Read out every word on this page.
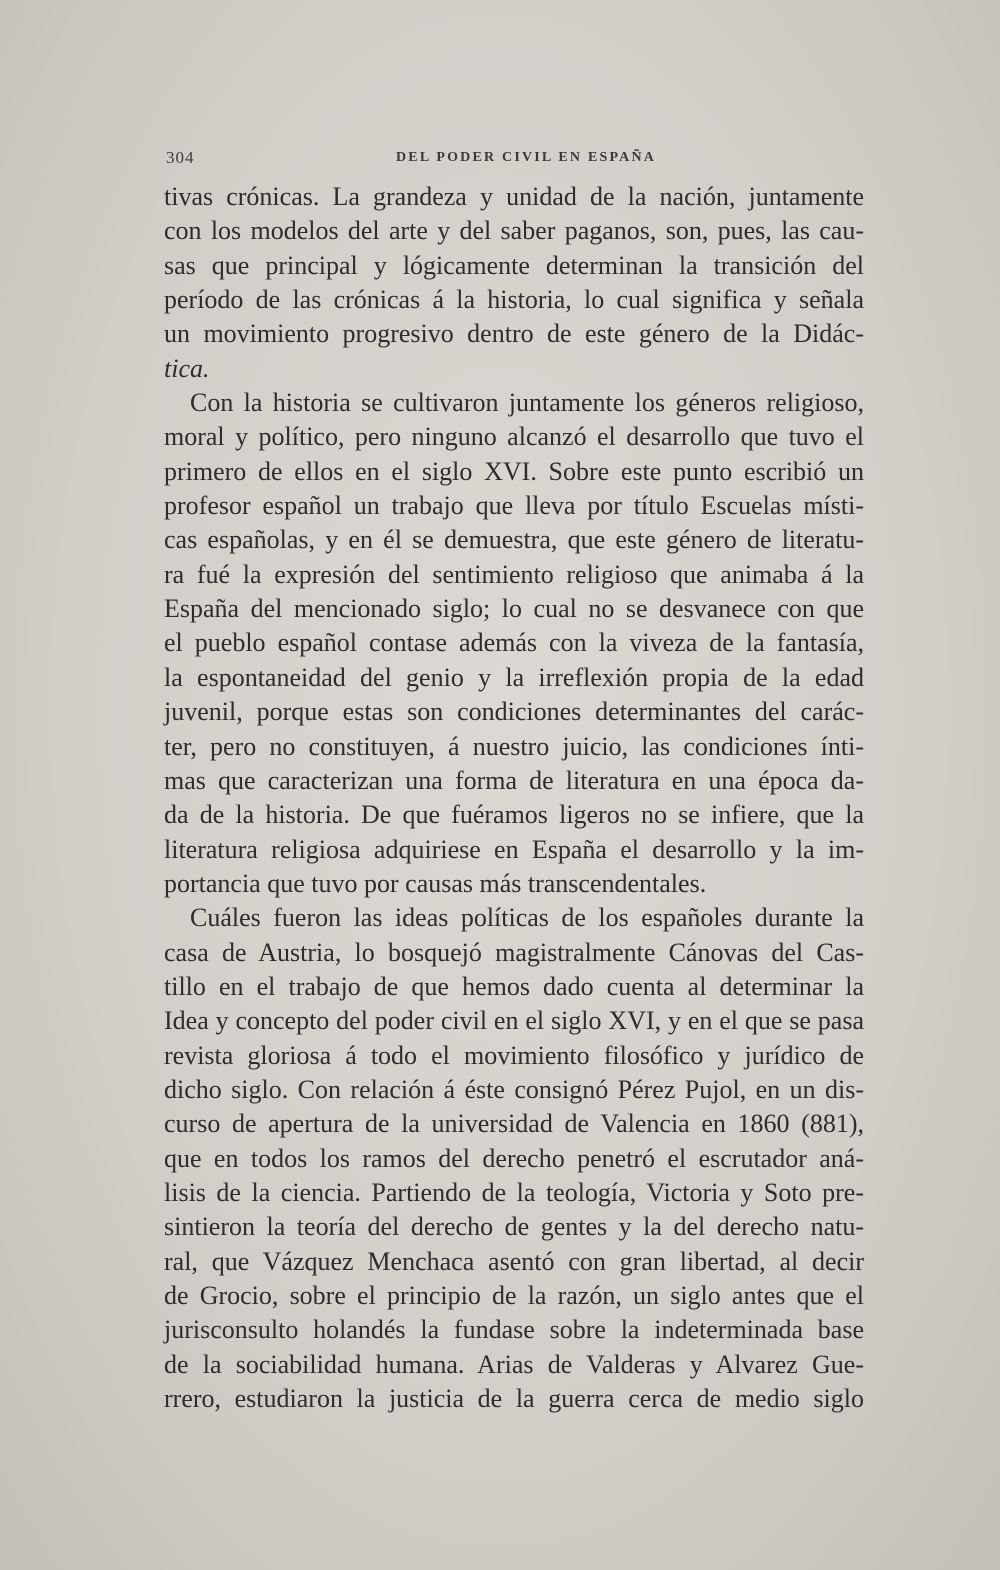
304	DEL PODER CIVIL EN ESPAÑA
tivas crónicas. La grandeza y unidad de la nación, juntamente
con los modelos del arte y del saber paganos, son, pues, las cau-
sas que principal y lógicamente determinan la transición del
período de las crónicas á la historia, lo cual significa y señala
un movimiento progresivo dentro de este género de la Didác-
tica.
Con la historia se cultivaron juntamente los géneros religioso,
moral y político, pero ninguno alcanzó el desarrollo que tuvo el
primero de ellos en el siglo XVI. Sobre este punto escribió un
profesor español un trabajo que lleva por título Escuelas místi-
cas españolas, y en él se demuestra, que este género de literatu-
ra fué la expresión del sentimiento religioso que animaba á la
España del mencionado siglo; lo cual no se desvanece con que
el pueblo español contase además con la viveza de la fantasía,
la espontaneidad del genio y la irreflexión propia de la edad
juvenil, porque estas son condiciones determinantes del carác-
ter, pero no constituyen, á nuestro juicio, las condiciones ínti-
mas que caracterizan una forma de literatura en una época da-
da de la historia. De que fuéramos ligeros no se infiere, que la
literatura religiosa adquiriese en España el desarrollo y la im-
portancia que tuvo por causas más transcendentales.
Cuáles fueron las ideas políticas de los españoles durante la
casa de Austria, lo bosquejó magistralmente Cánovas del Cas-
tillo en el trabajo de que hemos dado cuenta al determinar la
Idea y concepto del poder civil en el siglo XVI, y en el que se pasa
revista gloriosa á todo el movimiento filosófico y jurídico de
dicho siglo. Con relación á éste consignó Pérez Pujol, en un dis-
curso de apertura de la universidad de Valencia en 1860 (881),
que en todos los ramos del derecho penetró el escrutador aná-
lisis de la ciencia. Partiendo de la teología, Victoria y Soto pre-
sintieron la teoría del derecho de gentes y la del derecho natu-
ral, que Vázquez Menchaca asentó con gran libertad, al decir
de Grocio, sobre el principio de la razón, un siglo antes que el
jurisconsulto holandés la fundase sobre la indeterminada base
de la sociabilidad humana. Arias de Valderas y Alvarez Gue-
rrero, estudiaron la justicia de la guerra cerca de medio siglo
